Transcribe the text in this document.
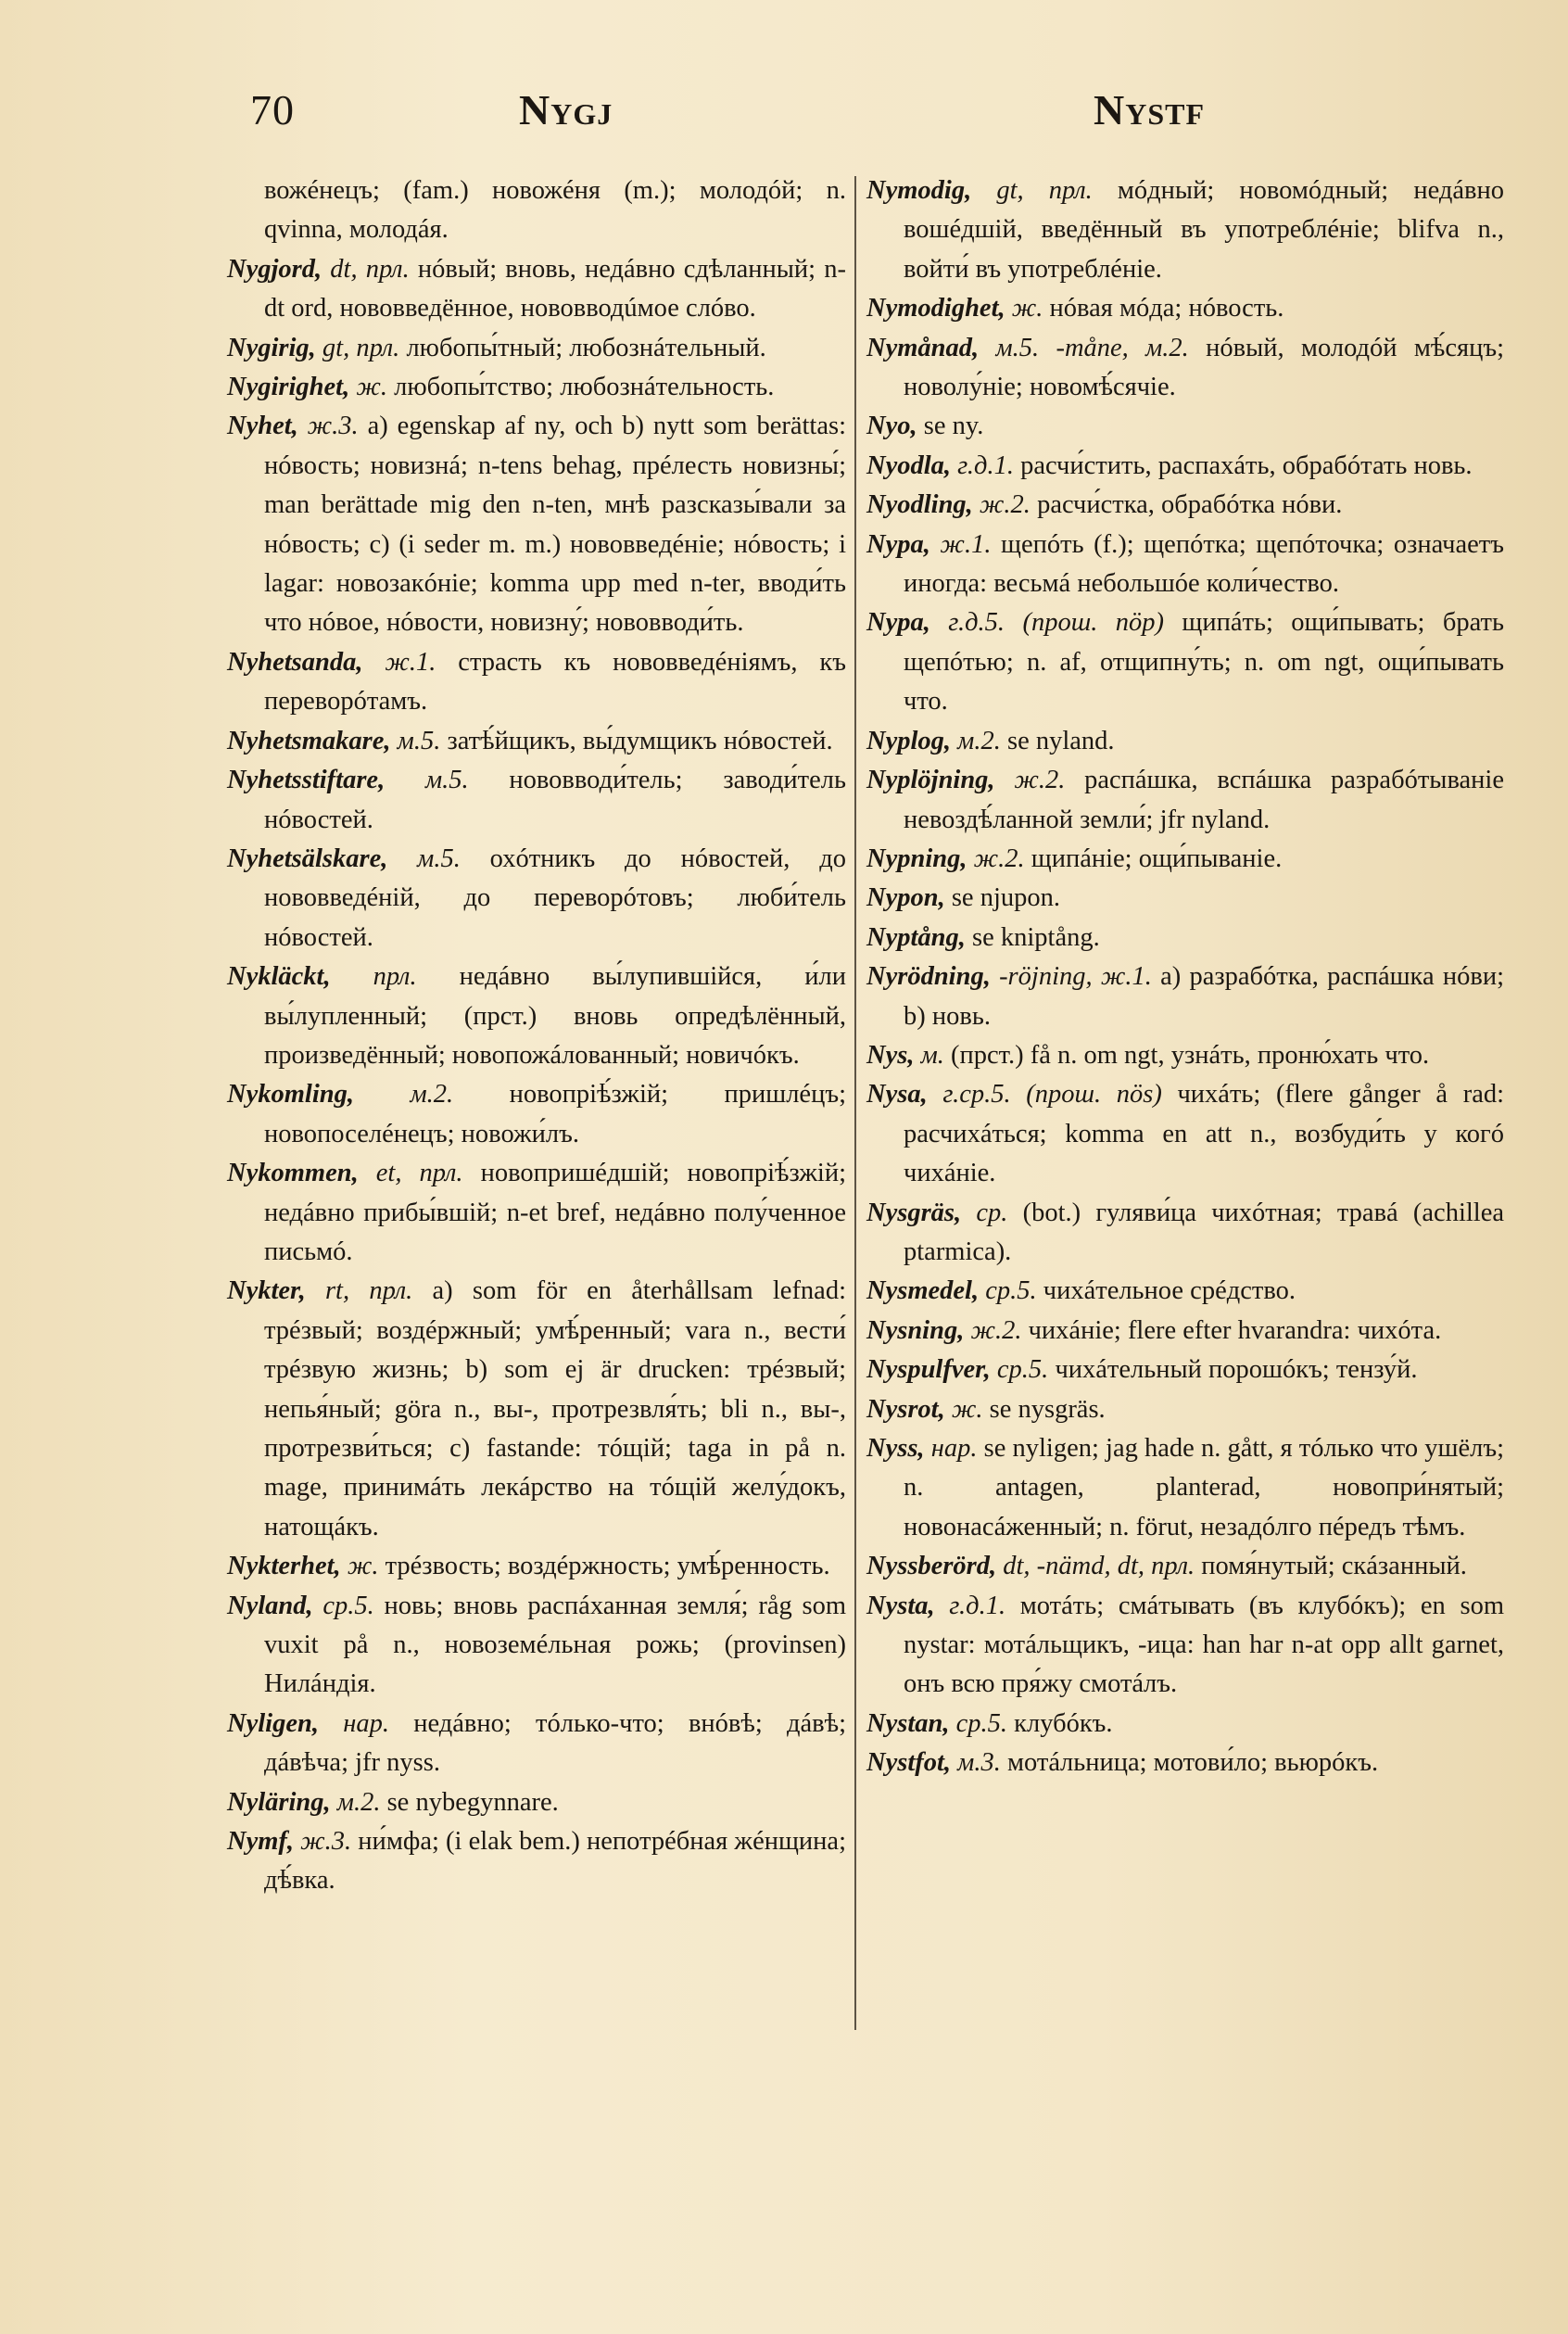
70	Nygj	Nystf

вожéнецъ; (fam.) новожéня (m.); молодóй; n. qvinna, молодáя.

Nygjord, dt, прл. нóвый; вновь, недáвно сдѣланный; n-dt ord, нововведённое, нововводúмое слóво.

Nygirig, gt, прл. любопы́тный; любознáтельный.

Nygirighet, ж. любопы́тство; любознáтельность.

Nyhet, ж.3. a) egenskap af ny, och b) nytt som berättas: нóвость; новизнá; n-tens behag, прéлесть новизны́; man berättade mig den n-ten, мнѣ разсказы́вали за нóвость; c) (i seder m. m.) нововведéніе; нóвость; i lagar: новозакóніе; komma upp med n-ter, вводи́ть что нóвое, нóвости, новизну́; нововводи́ть.

Nyhetsanda, ж.1. страсть къ нововведéніямъ, къ переворóтамъ.

Nyhetsmakare, м.5. затѣ́йщикъ, вы́думщикъ нóвостей.

Nyhetsstiftare, м.5. нововводи́тель; заводи́тель нóвостей.

Nyhetsälskare, м.5. охóтникъ до нóвостей, до нововведéній, до переворóтовъ; люби́тель нóвостей.

Nykläckt, прл. недáвно вы́лупившійся, и́ли вы́лупленный; (прст.) вновь опредѣлённый, произведённый; новопожáлованный; новичóкъ.

Nykomling, м.2. новопріѣ́зжій; пришлéцъ; новопоселéнецъ; новожи́лъ.

Nykommen, et, прл. новопришéдшій; новопріѣ́зжій; недáвно прибы́вшій; n-et bref, недáвно полу́ченное письмó.

Nykter, rt, прл. a) som för en återhållsam lefnad: трéзвый; воздéржный; умѣ́ренный; vara n., вести́ трéзвую жизнь; b) som ej är drucken: трéзвый; непья́ный; göra n., вы-, протрезвля́ть; bli n., вы-, протрезви́ться; c) fastande: тóщій; taga in på n. mage, принимáть лекáрство на тóщій желу́докъ, натощáкъ.

Nykterhet, ж. трéзвость; воздéржность; умѣ́ренность.

Nyland, ср.5. новь; вновь распáханная земля́; råg som vuxit på n., новоземéльная рожь; (provinsen) Нилáндія.

Nyligen, нар. недáвно; тóлько-что; внóвѣ; дáвѣ; дáвѣча; jfr nyss.

Nyläring, м.2. se nybegynnare.

Nymf, ж.3. ни́мфа; (i elak bem.) непотрéбная жéнщина; дѣ́вка.

Nymodig, gt, прл. мóдный; новомóдный; недáвно вошéдшій, введённый въ употреблéніе; blifva n., войти́ въ употреблéніе.

Nymodighet, ж. нóвая мóда; нóвость.

Nymånad, м.5. -måne, м.2. нóвый, молодóй мѣ́сяцъ; новолу́ніе; новомѣ́сячіе.

Nyo, se ny.

Nyodla, г.д.1. расчи́стить, распахáть, обрабóтать новь.

Nyodling, ж.2. расчи́стка, обрабóтка нóви.

Nypa, ж.1. щепóть (f.); щепóтка; щепóточка; означаетъ иногда: весьмá небольшóе коли́чество.

Nypa, г.д.5. (прош. nöp) щипáть; ощи́пывать; брать щепóтью; n. af, отщипну́ть; n. om ngt, ощи́пывать что.

Nyplog, м.2. se nyland.

Nyplöjning, ж.2. распáшка, вспáшка разрабóтываніе невоздѣ́ланной земли́; jfr nyland.

Nypning, ж.2. щипáніе; ощи́пываніе.

Nypon, se njupon.

Nyptång, se kniptång.

Nyrödning, -röjning, ж.1. a) разрабóтка, распáшка нóви; b) новь.

Nys, м. (прст.) få n. om ngt, узнáть, проню́хать что.

Nysa, г.ср.5. (прош. nös) чихáть; (flere gånger å rad: расчихáться; komma en att n., возбуди́ть у когó чихáніе.

Nysgräs, ср. (bot.) гуляви́ца чихóтная; травá (achillea ptarmica).

Nysmedel, ср.5. чихáтельное срéдство.

Nysning, ж.2. чихáніе; flere efter hvarandra: чихóта.

Nyspulfver, ср.5. чихáтельный порошóкъ; тензу́й.

Nysrot, ж. se nysgräs.

Nyss, нар. se nyligen; jag hade n. gått, я тóлько что ушёлъ; n. antagen, planterad, новопри́нятый; новонасáженный; n. förut, незадóлго пéредъ тѣмъ.

Nyssberörd, dt, -nämd, dt, прл. помя́нутый; скáзанный.

Nysta, г.д.1. мотáть; смáтывать (въ клубóкъ); en som nystar: мотáльщикъ, -ица: han har n-at opp allt garnet, онъ всю пря́жу смотáлъ.

Nystan, ср.5. клубóкъ.

Nystfot, м.3. мотáльница; мотови́ло; вьюрóкъ.
